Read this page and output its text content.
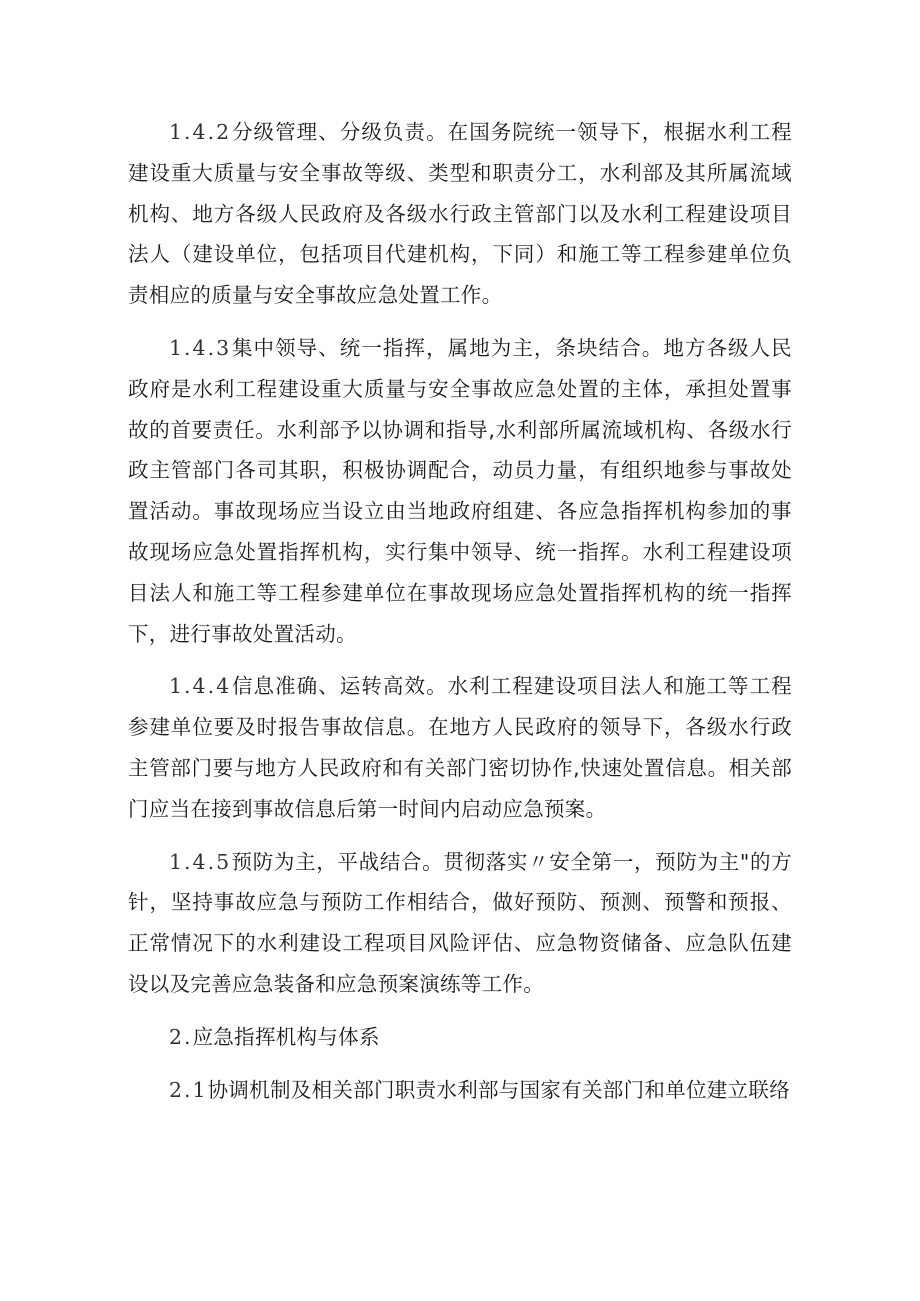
1.4.2分级管理、分级负责。在国务院统一领导下，根据水利工程建设重大质量与安全事故等级、类型和职责分工，水利部及其所属流域机构、地方各级人民政府及各级水行政主管部门以及水利工程建设项目法人（建设单位，包括项目代建机构，下同）和施工等工程参建单位负责相应的质量与安全事故应急处置工作。

1.4.3集中领导、统一指挥，属地为主，条块结合。地方各级人民政府是水利工程建设重大质量与安全事故应急处置的主体，承担处置事故的首要责任。水利部予以协调和指导,水利部所属流域机构、各级水行政主管部门各司其职，积极协调配合，动员力量，有组织地参与事故处置活动。事故现场应当设立由当地政府组建、各应急指挥机构参加的事故现场应急处置指挥机构，实行集中领导、统一指挥。水利工程建设项目法人和施工等工程参建单位在事故现场应急处置指挥机构的统一指挥下，进行事故处置活动。

1.4.4信息准确、运转高效。水利工程建设项目法人和施工等工程参建单位要及时报告事故信息。在地方人民政府的领导下，各级水行政主管部门要与地方人民政府和有关部门密切协作,快速处置信息。相关部门应当在接到事故信息后第一时间内启动应急预案。

1.4.5预防为主，平战结合。贯彻落实〃安全第一，预防为主"的方针，坚持事故应急与预防工作相结合，做好预防、预测、预警和预报、正常情况下的水利建设工程项目风险评估、应急物资储备、应急队伍建设以及完善应急装备和应急预案演练等工作。

2.应急指挥机构与体系

2.1协调机制及相关部门职责水利部与国家有关部门和单位建立联络
